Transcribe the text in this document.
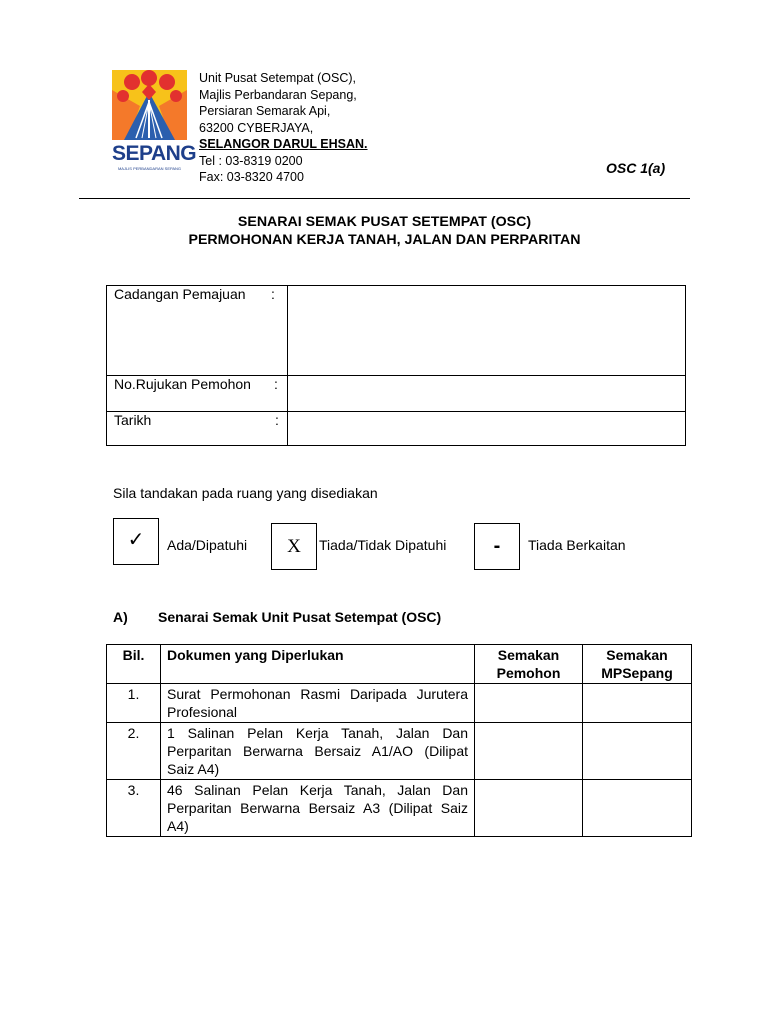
SEPANG
MAJLIS PERBANDARAN SEPANG
Unit Pusat Setempat (OSC),
Majlis Perbandaran Sepang,
Persiaran Semarak Api,
63200 CYBERJAYA,
SELANGOR DARUL EHSAN.
Tel : 03-8319 0200
Fax: 03-8320 4700
OSC 1(a)
SENARAI SEMAK PUSAT SETEMPAT (OSC)
PERMOHONAN KERJA TANAH, JALAN DAN PERPARITAN
Cadangan Pemajuan :
No.Rujukan Pemohon :
Tarikh	:
Sila tandakan pada ruang yang disediakan
✓ Ada/Dipatuhi X Tiada/Tidak Dipatuhi - Tiada Berkaitan
A) Senarai Semak Unit Pusat Setempat (OSC)
Bil.	Dokumen yang Diperlukan	Semakan Pemohon	Semakan MPSepang
1.	Surat Permohonan Rasmi Daripada Jurutera Profesional		
2.	1 Salinan Pelan Kerja Tanah, Jalan Dan Perparitan Berwarna Bersaiz A1/AO (Dilipat Saiz A4)		
3.	46 Salinan Pelan Kerja Tanah, Jalan Dan Perparitan Berwarna Bersaiz A3 (Dilipat Saiz A4)		
